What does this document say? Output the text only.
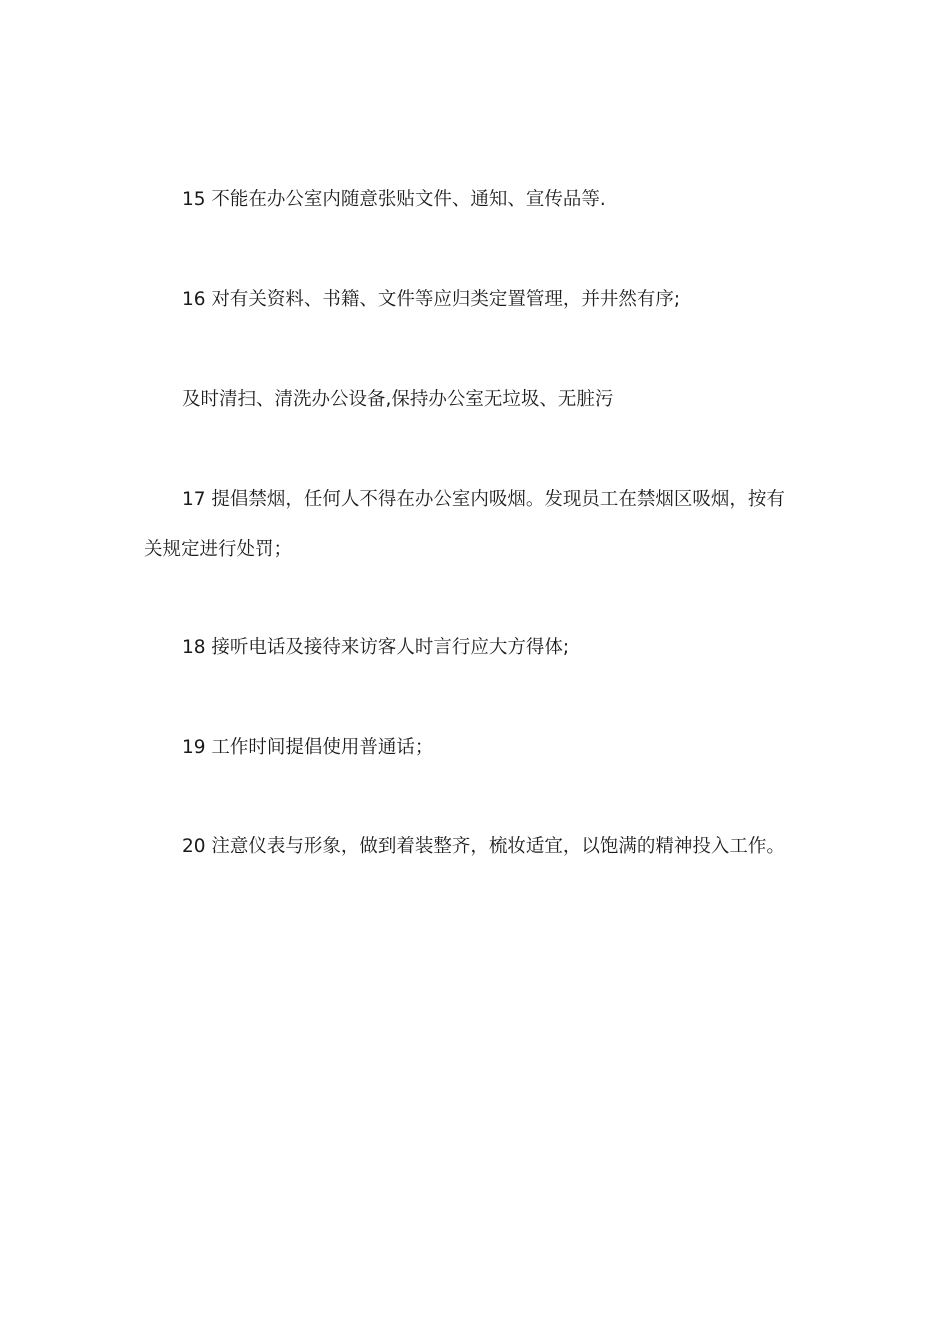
15 不能在办公室内随意张贴文件、通知、宣传品等.
16 对有关资料、书籍、文件等应归类定置管理，并井然有序;
及时清扫、清洗办公设备,保持办公室无垃圾、无脏污
17 提倡禁烟，任何人不得在办公室内吸烟。发现员工在禁烟区吸烟，按有
关规定进行处罚；
18 接听电话及接待来访客人时言行应大方得体;
19 工作时间提倡使用普通话；
20 注意仪表与形象，做到着装整齐，梳妆适宜，以饱满的精神投入工作。
